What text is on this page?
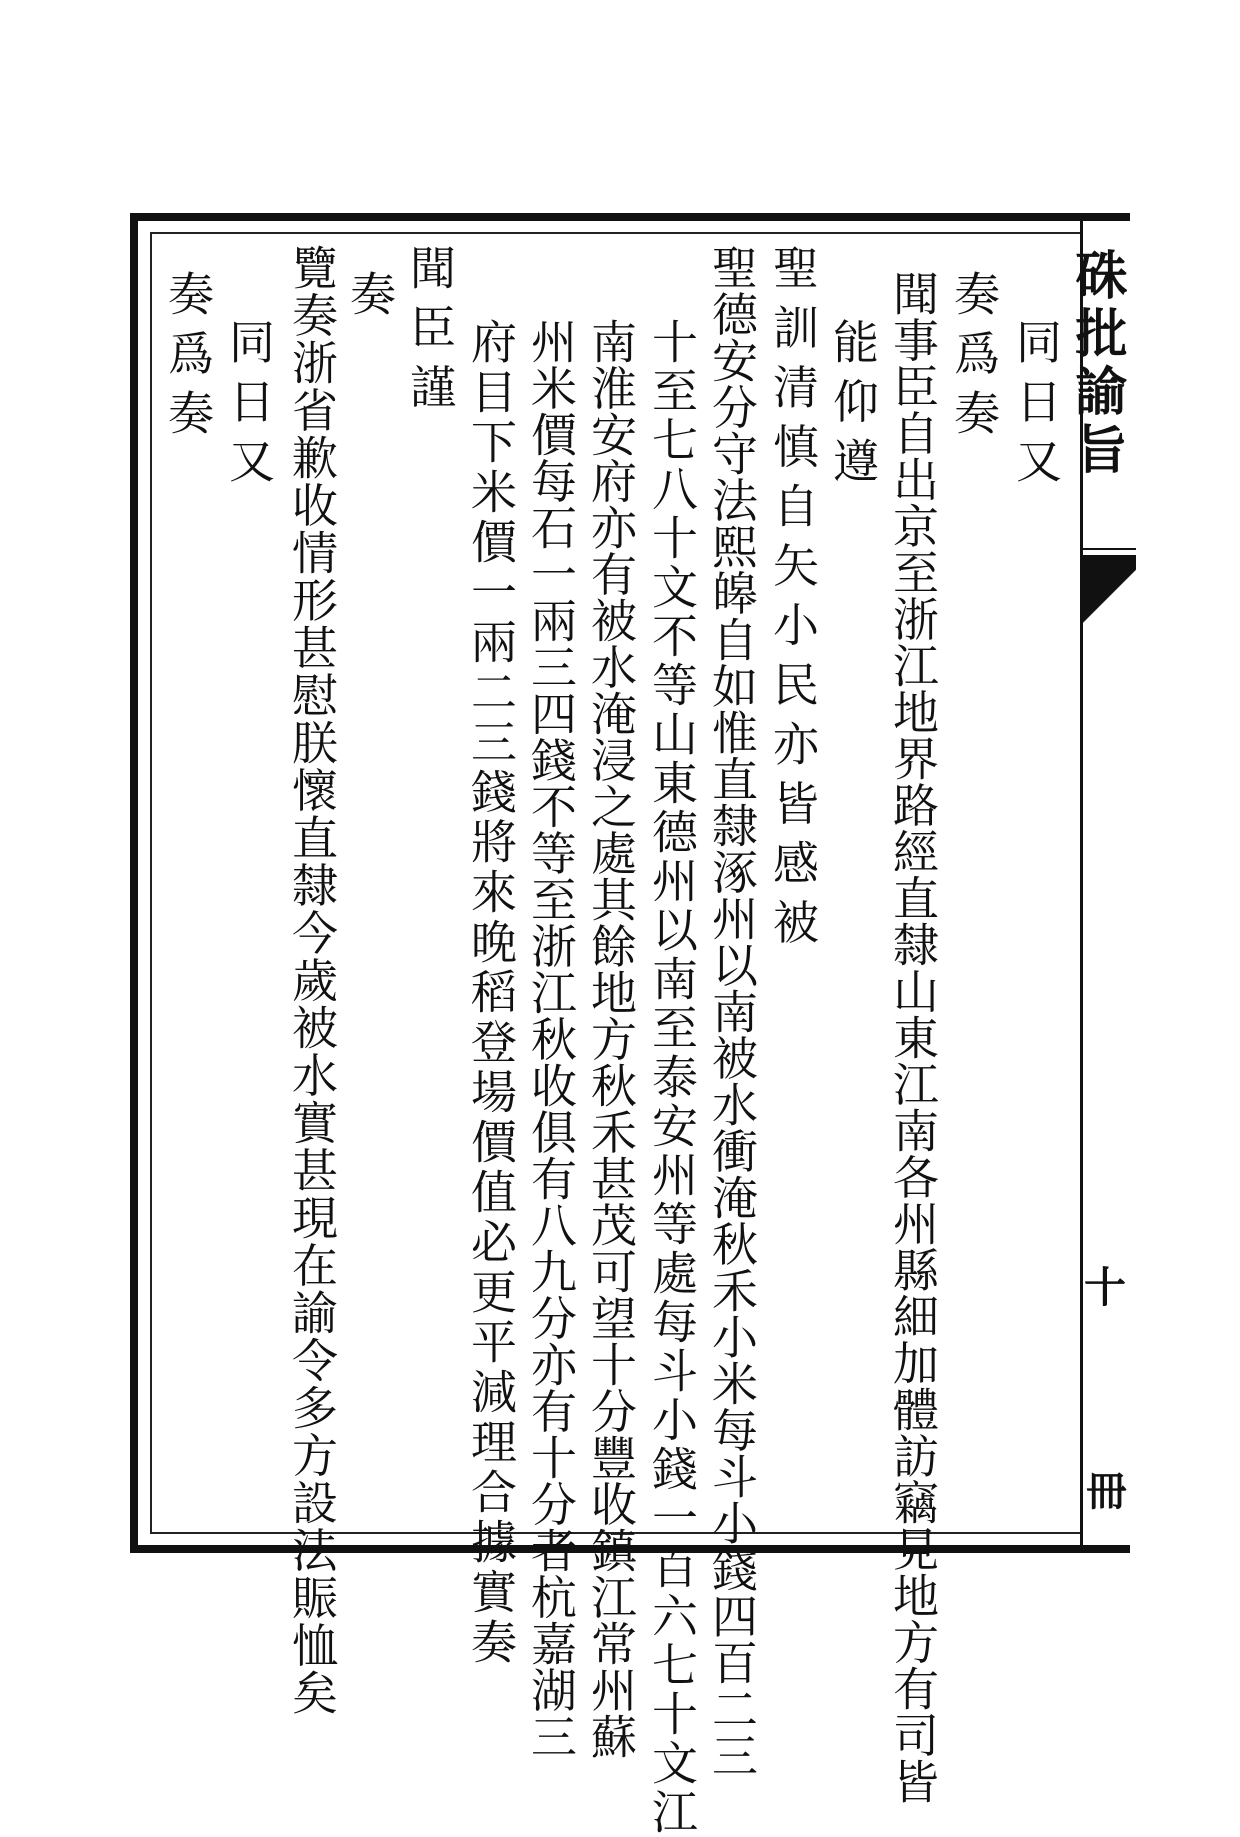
硃批諭旨
十
冊
同日又
奏爲奏
聞事臣自出京至浙江地界路經直隸山東江南各州縣細加體訪竊見地方有司皆
能仰遵
聖訓清慎自矢小民亦皆感被
聖德安分守法熙皞自如惟直隸涿州以南被水衝淹秋禾小米每斗小錢四百二三
十至七八十文不等山東德州以南至泰安州等處每斗小錢一百六七十文江
南淮安府亦有被水淹浸之處其餘地方秋禾甚茂可望十分豐收鎮江常州蘇
州米價每石一兩三四錢不等至浙江秋收俱有八九分亦有十分者杭嘉湖三
府目下米價一兩二三錢將來晚稻登場價值必更平減理合據實奏
聞臣謹
奏
覽奏浙省歉收情形甚慰朕懷直隸今歲被水實甚現在諭令多方設法賑恤矣
同日又
奏爲奏
